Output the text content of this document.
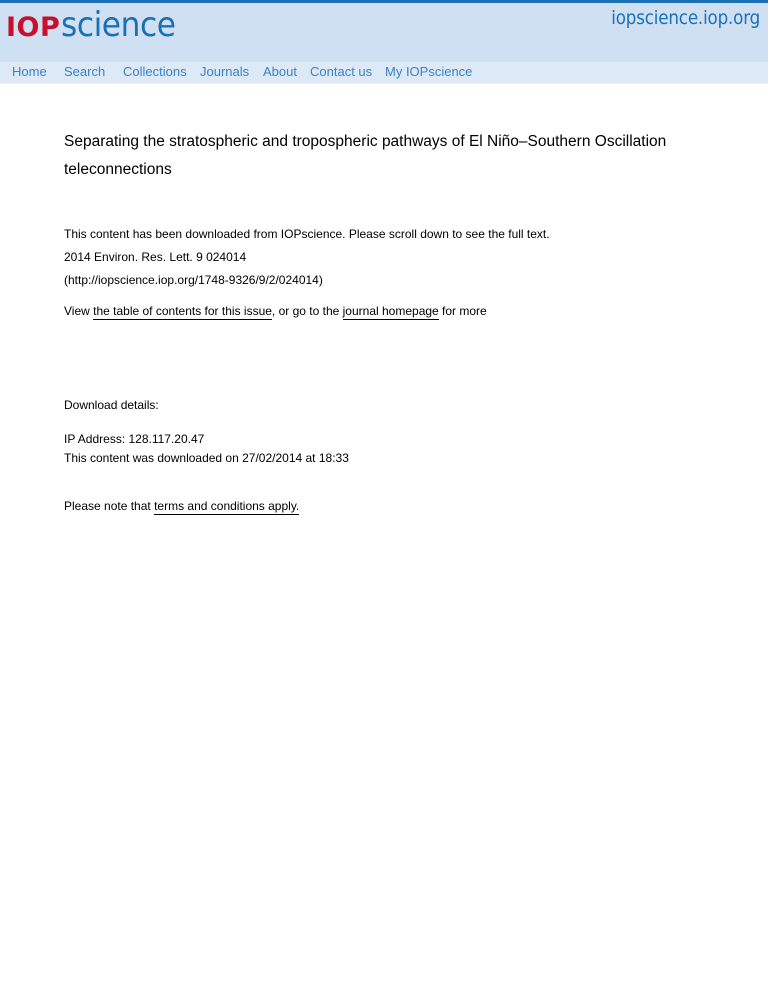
IOP science	iopscience.iop.org
Home Search Collections Journals About Contact us My IOPscience
Separating the stratospheric and tropospheric pathways of El Niño–Southern Oscillation teleconnections
This content has been downloaded from IOPscience. Please scroll down to see the full text.
2014 Environ. Res. Lett. 9 024014
(http://iopscience.iop.org/1748-9326/9/2/024014)
View the table of contents for this issue, or go to the journal homepage for more
Download details:
IP Address: 128.117.20.47
This content was downloaded on 27/02/2014 at 18:33
Please note that terms and conditions apply.
